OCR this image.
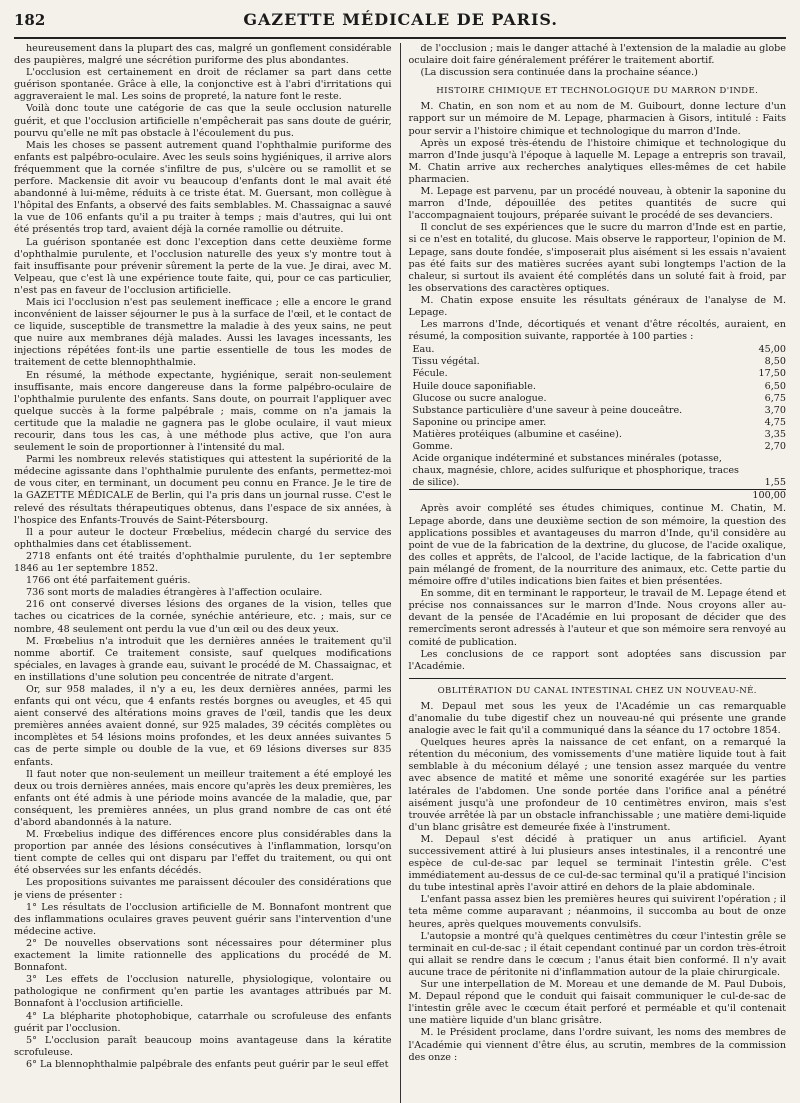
182	GAZETTE MÉDICALE DE PARIS.

heureusement dans la plupart des cas, malgré un gonflement considérable des paupières, malgré une sécrétion puriforme des plus abondantes.

L'occlusion est certainement en droit de réclamer sa part dans cette guérison spontanée. Grâce à elle, la conjonctive est à l'abri d'irritations qui aggraveraient le mal. Les soins de propreté, la nature font le reste.

Voilà donc toute une catégorie de cas que la seule occlusion naturelle guérit, et que l'occlusion artificielle n'empêcherait pas sans doute de guérir, pourvu qu'elle ne mît pas obstacle à l'écoulement du pus.

Mais les choses se passent autrement quand l'ophthalmie puriforme des enfants est palpébro-oculaire. Avec les seuls soins hygiéniques, il arrive alors fréquemment que la cornée s'infiltre de pus, s'ulcère ou se ramollit et se perfore. Mackensie dit avoir vu beaucoup d'enfants dont le mal avait été abandonné à lui-même, réduits à ce triste état. M. Guersant, mon collègue à l'hôpital des Enfants, a observé des faits semblables. M. Chassaignac a sauvé la vue de 106 enfants qu'il a pu traiter à temps ; mais d'autres, qui lui ont été présentés trop tard, avaient déjà la cornée ramollie ou détruite.

La guérison spontanée est donc l'exception dans cette deuxième forme d'ophthalmie purulente, et l'occlusion naturelle des yeux s'y montre tout à fait insuffisante pour prévenir sûrement la perte de la vue. Je dirai, avec M. Velpeau, que c'est là une expérience toute faite, qui, pour ce cas particulier, n'est pas en faveur de l'occlusion artificielle.

Mais ici l'occlusion n'est pas seulement inefficace ; elle a encore le grand inconvénient de laisser séjourner le pus à la surface de l'œil, et le contact de ce liquide, susceptible de transmettre la maladie à des yeux sains, ne peut que nuire aux membranes déjà malades. Aussi les lavages incessants, les injections répétées font-ils une partie essentielle de tous les modes de traitement de cette blennophthalmie.

En résumé, la méthode expectante, hygiénique, serait non-seulement insuffisante, mais encore dangereuse dans la forme palpébro-oculaire de l'ophthalmie purulente des enfants. Sans doute, on pourrait l'appliquer avec quelque succès à la forme palpébrale ; mais, comme on n'a jamais la certitude que la maladie ne gagnera pas le globe oculaire, il vaut mieux recourir, dans tous les cas, à une méthode plus active, que l'on aura seulement le soin de proportionner à l'intensité du mal.

Parmi les nombreux relevés statistiques qui attestent la supériorité de la médecine agissante dans l'ophthalmie purulente des enfants, permettez-moi de vous citer, en terminant, un document peu connu en France. Je le tire de la GAZETTE MÉDICALE de Berlin, qui l'a pris dans un journal russe. C'est le relevé des résultats thérapeutiques obtenus, dans l'espace de six années, à l'hospice des Enfants-Trouvés de Saint-Pétersbourg.

Il a pour auteur le docteur Frœbelius, médecin chargé du service des ophthalmies dans cet établissement.

2718 enfants ont été traités d'ophthalmie purulente, du 1er septembre 1846 au 1er septembre 1852.

1766 ont été parfaitement guéris.

736 sont morts de maladies étrangères à l'affection oculaire.

216 ont conservé diverses lésions des organes de la vision, telles que taches ou cicatrices de la cornée, synéchie antérieure, etc. ; mais, sur ce nombre, 48 seulement ont perdu la vue d'un œil ou des deux yeux.

M. Frœbelius n'a introduit que les dernières années le traitement qu'il nomme abortif. Ce traitement consiste, sauf quelques modifications spéciales, en lavages à grande eau, suivant le procédé de M. Chassaignac, et en instillations d'une solution peu concentrée de nitrate d'argent.

Or, sur 958 malades, il n'y a eu, les deux dernières années, parmi les enfants qui ont vécu, que 4 enfants restés borgnes ou aveugles, et 45 qui aient conservé des altérations moins graves de l'œil, tandis que les deux premières années avaient donné, sur 925 malades, 39 cécités complètes ou incomplètes et 54 lésions moins profondes, et les deux années suivantes 5 cas de perte simple ou double de la vue, et 69 lésions diverses sur 835 enfants.

Il faut noter que non-seulement un meilleur traitement a été employé les deux ou trois dernières années, mais encore qu'après les deux premières, les enfants ont été admis à une période moins avancée de la maladie, que, par conséquent, les premières années, un plus grand nombre de cas ont été d'abord abandonnés à la nature.

M. Frœbelius indique des différences encore plus considérables dans la proportion par année des lésions consécutives à l'inflammation, lorsqu'on tient compte de celles qui ont disparu par l'effet du traitement, ou qui ont été observées sur les enfants décédés.

Les propositions suivantes me paraissent découler des considérations que je viens de présenter :

1° Les résultats de l'occlusion artificielle de M. Bonnafont montrent que des inflammations oculaires graves peuvent guérir sans l'intervention d'une médecine active.

2° De nouvelles observations sont nécessaires pour déterminer plus exactement la limite rationnelle des applications du procédé de M. Bonnafont.

3° Les effets de l'occlusion naturelle, physiologique, volontaire ou pathologique ne confirment qu'en partie les avantages attribués par M. Bonnafont à l'occlusion artificielle.

4° La blépharite photophobique, catarrhale ou scrofuleuse des enfants guérit par l'occlusion.

5° L'occlusion paraît beaucoup moins avantageuse dans la kératite scrofuleuse.

6° La blennophthalmie palpébrale des enfants peut guérir par le seul effet

de l'occlusion ; mais le danger attaché à l'extension de la maladie au globe oculaire doit faire généralement préférer le traitement abortif.

(La discussion sera continuée dans la prochaine séance.)

HISTOIRE CHIMIQUE ET TECHNOLOGIQUE DU MARRON D'INDE.

M. Chatin, en son nom et au nom de M. Guibourt, donne lecture d'un rapport sur un mémoire de M. Lepage, pharmacien à Gisors, intitulé : Faits pour servir a l'histoire chimique et technologique du marron d'Inde.

Après un exposé très-étendu de l'histoire chimique et technologique du marron d'Inde jusqu'à l'époque à laquelle M. Lepage a entrepris son travail, M. Chatin arrive aux recherches analytiques elles-mêmes de cet habile pharmacien.

M. Lepage est parvenu, par un procédé nouveau, à obtenir la saponine du marron d'Inde, dépouillée des petites quantités de sucre qui l'accompagnaient toujours, préparée suivant le procédé de ses devanciers.

Il conclut de ses expériences que le sucre du marron d'Inde est en partie, si ce n'est en totalité, du glucose. Mais observe le rapporteur, l'opinion de M. Lepage, sans doute fondée, s'imposerait plus aisément si les essais n'avaient pas été faits sur des matières sucrées ayant subi longtemps l'action de la chaleur, si surtout ils avaient été complétés dans un soluté fait à froid, par les observations des caractères optiques.

M. Chatin expose ensuite les résultats généraux de l'analyse de M. Lepage.

Les marrons d'Inde, décortiqués et venant d'être récoltés, auraient, en résumé, la composition suivante, rapportée à 100 parties :

Eau.	45,00
Tissu végétal.	8,50
Fécule.	17,50
Huile douce saponifiable.	6,50
Glucose ou sucre analogue.	6,75
Substance particulière d'une saveur à peine douceâtre.	3,70
Saponine ou principe amer.	4,75
Matières protéiques (albumine et caséine).	3,35
Gomme.	2,70
Acide organique indéterminé et substances minérales (potasse, chaux, magnésie, chlore, acides sulfurique et phosphorique, traces de silice).	1,55
	100,00

Après avoir complété ses études chimiques, continue M. Chatin, M. Lepage aborde, dans une deuxième section de son mémoire, la question des applications possibles et avantageuses du marron d'Inde, qu'il considère au point de vue de la fabrication de la dextrine, du glucose, de l'acide oxalique, des colles et apprêts, de l'alcool, de l'acide lactique, de la fabrication d'un pain mélangé de froment, de la nourriture des animaux, etc. Cette partie du mémoire offre d'utiles indications bien faites et bien présentées.

En somme, dit en terminant le rapporteur, le travail de M. Lepage étend et précise nos connaissances sur le marron d'Inde. Nous croyons aller au-devant de la pensée de l'Académie en lui proposant de décider que des remercîments seront adressés à l'auteur et que son mémoire sera renvoyé au comité de publication.

Les conclusions de ce rapport sont adoptées sans discussion par l'Académie.

OBLITÉRATION DU CANAL INTESTINAL CHEZ UN NOUVEAU-NÉ.

M. Depaul met sous les yeux de l'Académie un cas remarquable d'anomalie du tube digestif chez un nouveau-né qui présente une grande analogie avec le fait qu'il a communiqué dans la séance du 17 octobre 1854.

Quelques heures après la naissance de cet enfant, on a remarqué la rétention du méconium, des vomissements d'une matière liquide tout à fait semblable à du méconium délayé ; une tension assez marquée du ventre avec absence de matité et même une sonorité exagérée sur les parties latérales de l'abdomen. Une sonde portée dans l'orifice anal a pénétré aisément jusqu'à une profondeur de 10 centimètres environ, mais s'est trouvée arrêtée là par un obstacle infranchissable ; une matière demi-liquide d'un blanc grisâtre est demeurée fixée à l'instrument.

M. Depaul s'est décidé à pratiquer un anus artificiel. Ayant successivement attiré à lui plusieurs anses intestinales, il a rencontré une espèce de cul-de-sac par lequel se terminait l'intestin grêle. C'est immédiatement au-dessus de ce cul-de-sac terminal qu'il a pratiqué l'incision du tube intestinal après l'avoir attiré en dehors de la plaie abdominale.

L'enfant passa assez bien les premières heures qui suivirent l'opération ; il teta même comme auparavant ; néanmoins, il succomba au bout de onze heures, après quelques mouvements convulsifs.

L'autopsie a montré qu'à quelques centimètres du cœur l'intestin grêle se terminait en cul-de-sac ; il était cependant continué par un cordon très-étroit qui allait se rendre dans le cœcum ; l'anus était bien conformé. Il n'y avait aucune trace de péritonite ni d'inflammation autour de la plaie chirurgicale.

Sur une interpellation de M. Moreau et une demande de M. Paul Dubois, M. Depaul répond que le conduit qui faisait communiquer le cul-de-sac de l'intestin grêle avec le cœcum était perforé et perméable et qu'il contenait une matière liquide d'un blanc grisâtre.

M. le Président proclame, dans l'ordre suivant, les noms des membres de l'Académie qui viennent d'être élus, au scrutin, membres de la commission des onze :
